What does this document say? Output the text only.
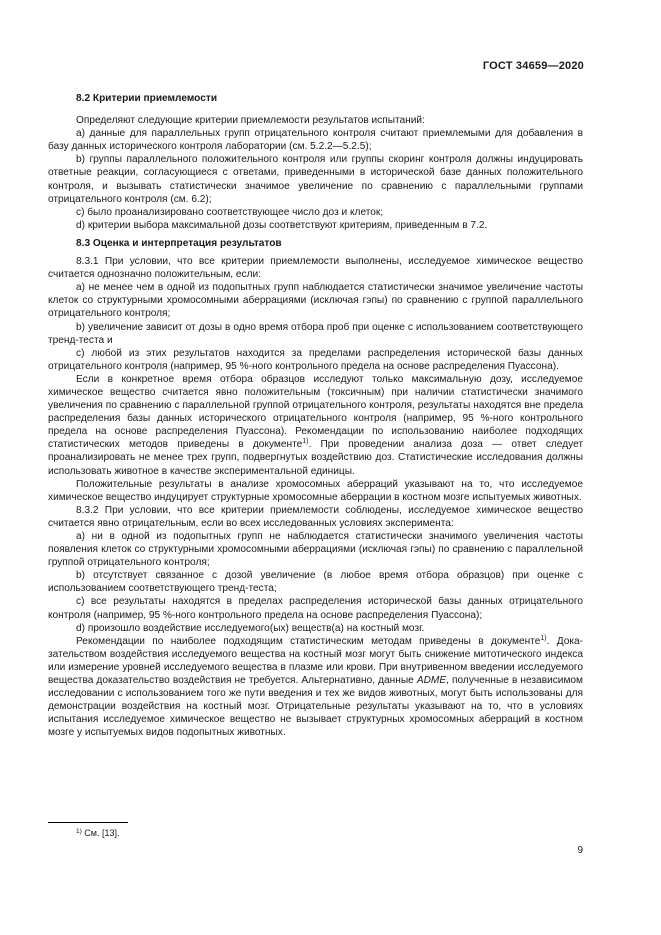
ГОСТ 34659—2020

8.2 Критерии приемлемости

Определяют следующие критерии приемлемости результатов испытаний:

а) данные для параллельных групп отрицательного контроля считают приемлемыми для добавления в базу данных исторического контроля лаборатории (см. 5.2.2—5.2.5);

b) группы параллельного положительного контроля или группы скоринг контроля должны индуцировать ответные реакции, согласующиеся с ответами, приведенными в исторической базе данных положительного контроля, и вызывать статистически значимое увеличение по сравнению с параллельными группами отрицательного контроля (см. 6.2);

c) было проанализировано соответствующее число доз и клеток;

d) критерии выбора максимальной дозы соответствуют критериям, приведенным в 7.2.

8.3 Оценка и интерпретация результатов

8.3.1 При условии, что все критерии приемлемости выполнены, исследуемое химическое вещество считается однозначно положительным, если:

а) не менее чем в одной из подопытных групп наблюдается статистически значимое увеличение частоты клеток со структурными хромосомными аберрациями (исключая гэпы) по сравнению с группой параллельного отрицательного контроля;

b) увеличение зависит от дозы в одно время отбора проб при оценке с использованием соответствующего тренд-теста и

c) любой из этих результатов находится за пределами распределения исторической базы данных отрицательного контроля (например, 95 %-ного контрольного предела на основе распределения Пуассона).

Если в конкретное время отбора образцов исследуют только максимальную дозу, исследуемое химическое вещество считается явно положительным (токсичным) при наличии статистически значимого увеличения по сравнению с параллельной группой отрицательного контроля, результаты находятся вне предела распределения базы данных исторического отрицательного контроля (например, 95 %-ного контрольного предела на основе распределения Пуассона). Рекомендации по использованию наиболее подходящих статистических методов приведены в документе$^{1)}$. При проведении анализа доза — ответ следует проанализировать не менее трех групп, подвергнутых воздействию доз. Статистические исследования должны использовать животное в качестве экспериментальной единицы.

Положительные результаты в анализе хромосомных аберраций указывают на то, что исследуемое химическое вещество индуцирует структурные хромосомные аберрации в костном мозге испытуемых животных.

8.3.2 При условии, что все критерии приемлемости соблюдены, исследуемое химическое вещество считается явно отрицательным, если во всех исследованных условиях эксперимента:

а) ни в одной из подопытных групп не наблюдается статистически значимого увеличения частоты появления клеток со структурными хромосомными аберрациями (исключая гэпы) по сравнению с параллельной группой отрицательного контроля;

b) отсутствует связанное с дозой увеличение (в любое время отбора образцов) при оценке с использованием соответствующего тренд-теста;

c) все результаты находятся в пределах распределения исторической базы данных отрицательного контроля (например, 95 %-ного контрольного предела на основе распределения Пуассона);

d) произошло воздействие исследуемого(ых) веществ(а) на костный мозг.

Рекомендации по наиболее подходящим статистическим методам приведены в документе$^{1)}$. Доказательством воздействия исследуемого вещества на костный мозг могут быть снижение митотического индекса или измерение уровней исследуемого вещества в плазме или крови. При внутривенном введении исследуемого вещества доказательство воздействия не требуется. Альтернативно, данные ADME, полученные в независимом исследовании с использованием того же пути введения и тех же видов животных, могут быть использованы для демонстрации воздействия на костный мозг. Отрицательные результаты указывают на то, что в условиях испытания исследуемое химическое вещество не вызывает структурных хромосомных аберраций в костном мозге у испытуемых видов подопытных животных.

$^{1)}$ См. [13].
9
